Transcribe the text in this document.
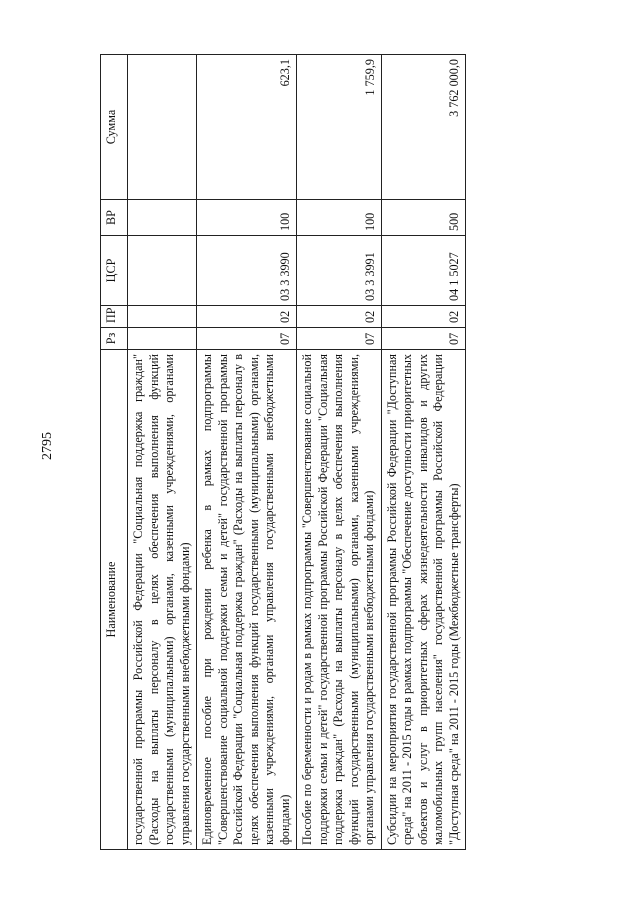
2795
Наименование	Рз	ПР	ЦСР	ВР	Сумма
государственной программы Российской Федерации "Социальная поддержка граждан" (Расходы на выплаты персоналу в целях обеспечения выполнения функций государственными (муниципальными) органами, казенными учреждениями, органами управления государственными внебюджетными фондами)					
Единовременное пособие при рождении ребенка в рамках подпрограммы "Совершенствование социальной поддержки семьи и детей" государственной программы Российской Федерации "Социальная поддержка граждан" (Расходы на выплаты персоналу в целях обеспечения выполнения функций государственными (муниципальными) органами, казенными учреждениями, органами управления государственными внебюджетными фондами)	07	02	03 3 3990	100	623,1
Пособие по беременности и родам в рамках подпрограммы "Совершенствование социальной поддержки семьи и детей" государственной программы Российской Федерации "Социальная поддержка граждан" (Расходы на выплаты персоналу в целях обеспечения выполнения функций государственными (муниципальными) органами, казенными учреждениями, органами управления государственными внебюджетными фондами)	07	02	03 3 3991	100	1 759,9
Субсидии на мероприятия государственной программы Российской Федерации "Доступная среда" на 2011 - 2015 годы в рамках подпрограммы "Обеспечение доступности приоритетных объектов и услуг в приоритетных сферах жизнедеятельности инвалидов и других маломобильных групп населения" государственной программы Российской Федерации "Доступная среда" на 2011 - 2015 годы (Межбюджетные трансферты)	07	02	04 1 5027	500	3 762 000,0
